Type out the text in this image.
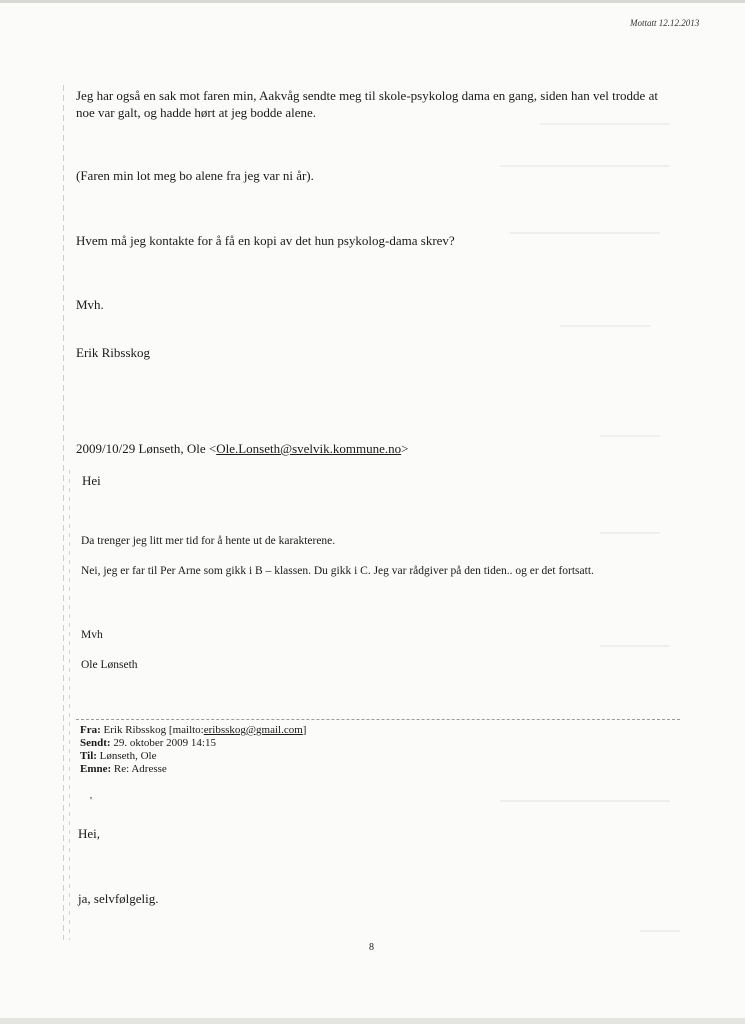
Mottatt 12.12.2013

Jeg har også en sak mot faren min, Aakvåg sendte meg til skole-psykolog dama en gang, siden han vel trodde at noe var galt, og hadde hørt at jeg bodde alene.

(Faren min lot meg bo alene fra jeg var ni år).

Hvem må jeg kontakte for å få en kopi av det hun psykolog-dama skrev?

Mvh.

Erik Ribsskog

2009/10/29 Lønseth, Ole <Ole.Lonseth@svelvik.kommune.no>

Hei

Da trenger jeg litt mer tid for å hente ut de karakterene.

Nei, jeg er far til Per Arne som gikk i B – klassen. Du gikk i C. Jeg var rådgiver på den tiden.. og er det fortsatt.

Mvh

Ole Lønseth

Fra: Erik Ribsskog [mailto:eribsskog@gmail.com]
Sendt: 29. oktober 2009 14:15
Til: Lønseth, Ole
Emne: Re: Adresse
'

Hei,

ja, selvfølgelig.

8
